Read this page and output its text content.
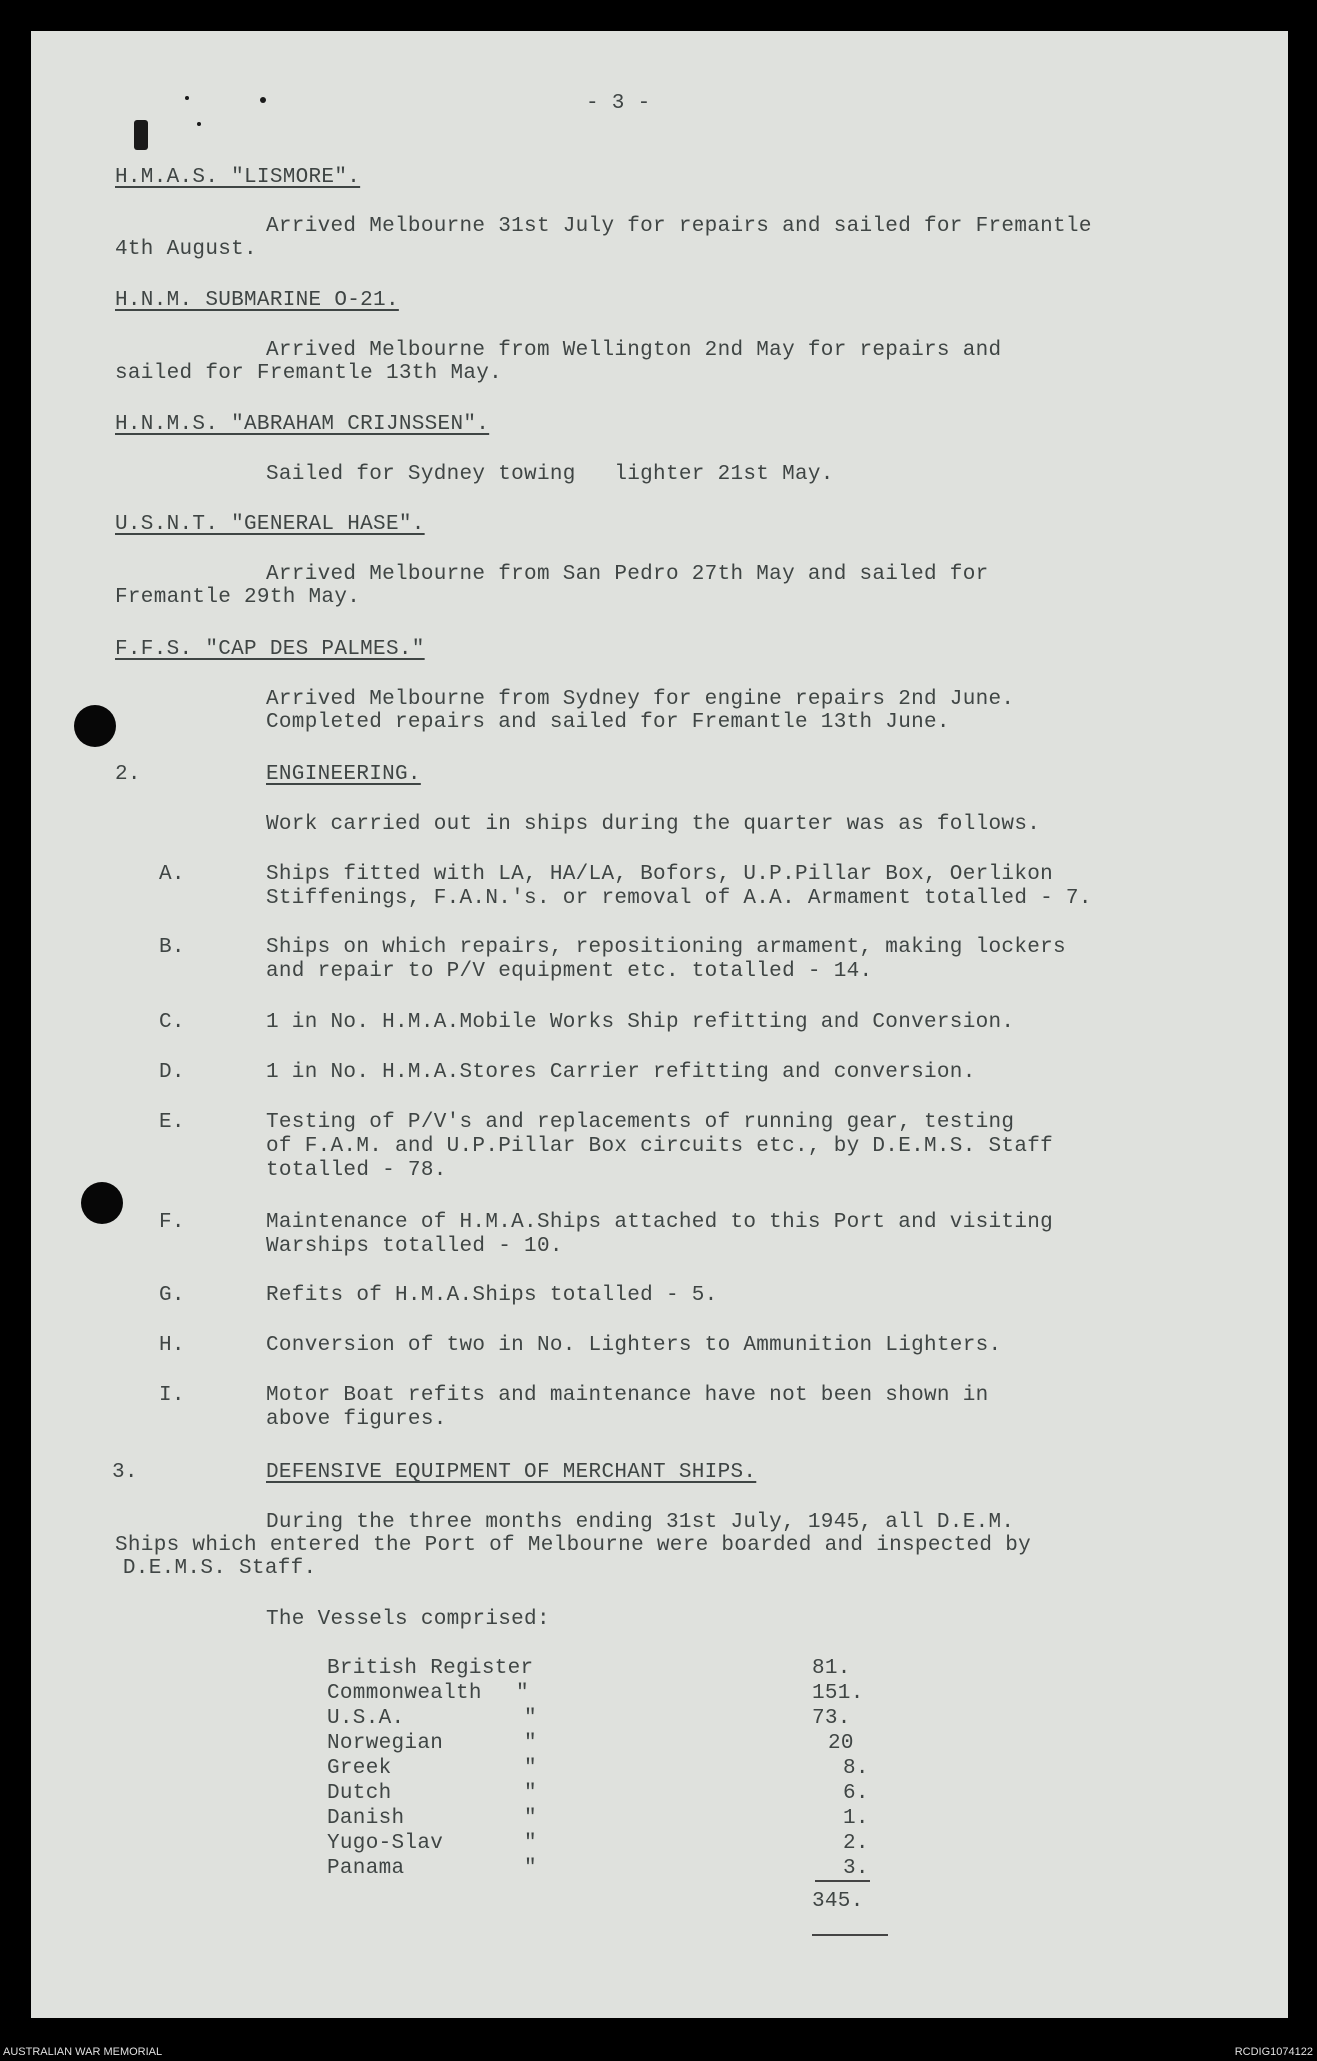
- 3 -
H.M.A.S. "LISMORE".
Arrived Melbourne 31st July for repairs and sailed for Fremantle
4th August.
H.N.M. SUBMARINE O-21.
Arrived Melbourne from Wellington 2nd May for repairs and
sailed for Fremantle 13th May.
H.N.M.S. "ABRAHAM CRIJNSSEN".
Sailed for Sydney towing   lighter 21st May.
U.S.N.T. "GENERAL HASE".
Arrived Melbourne from San Pedro 27th May and sailed for
Fremantle 29th May.
F.F.S. "CAP DES PALMES."
Arrived Melbourne from Sydney for engine repairs 2nd June.
Completed repairs and sailed for Fremantle 13th June.
2.	ENGINEERING.
Work carried out in ships during the quarter was as follows.
A.	Ships fitted with LA, HA/LA, Bofors, U.P.Pillar Box, Oerlikon
Stiffenings, F.A.N.'s. or removal of A.A. Armament totalled - 7.
B.	Ships on which repairs, repositioning armament, making lockers
and repair to P/V equipment etc. totalled - 14.
C.	1 in No. H.M.A.Mobile Works Ship refitting and Conversion.
D.	1 in No. H.M.A.Stores Carrier refitting and conversion.
E.	Testing of P/V's and replacements of running gear, testing
of F.A.M. and U.P.Pillar Box circuits etc., by D.E.M.S. Staff
totalled - 78.
F.	Maintenance of H.M.A.Ships attached to this Port and visiting
Warships totalled - 10.
G.	Refits of H.M.A.Ships totalled - 5.
H.	Conversion of two in No. Lighters to Ammunition Lighters.
I.	Motor Boat refits and maintenance have not been shown in
above figures.
3.	DEFENSIVE EQUIPMENT OF MERCHANT SHIPS.
During the three months ending 31st July, 1945, all D.E.M.
Ships which entered the Port of Melbourne were boarded and inspected by
D.E.M.S. Staff.
The Vessels comprised:
British Register	81.
Commonwealth "	151.
U.S.A.	"	73.
Norwegian	"	20
Greek	"	8.
Dutch	"	6.
Danish	"	1.
Yugo-Slav	"	2.
Panama	"	3.
345.
AUSTRALIAN WAR MEMORIAL	RCDIG1074122
